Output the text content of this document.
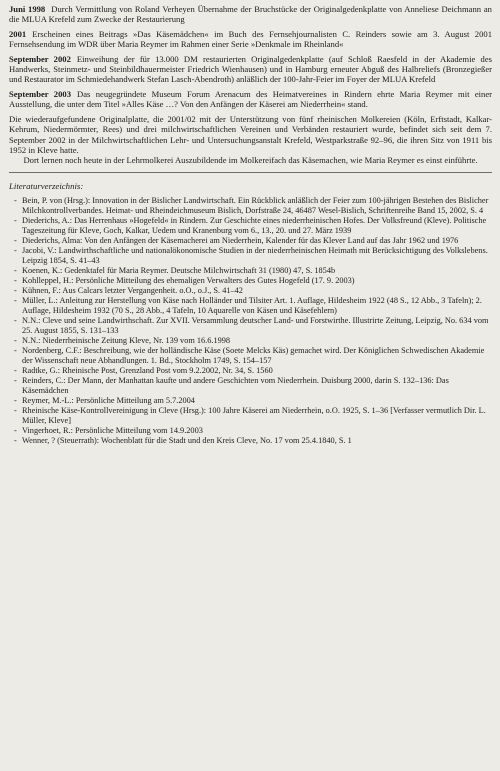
Juni 1998 Durch Vermittlung von Roland Verheyen Übernahme der Bruchstücke der Originalgedenkplatte von Anneliese Deichmann an die MLUA Krefeld zum Zwecke der Restaurierung

2001 Erscheinen eines Beitrags »Das Käsemädchen« im Buch des Fernsehjournalisten C. Reinders sowie am 3. August 2001 Fernsehsendung im WDR über Maria Reymer im Rahmen einer Serie »Denkmale im Rheinland«

September 2002 Einweihung der für 13.000 DM restaurierten Originalgedenkplatte (auf Schloß Raesfeld in der Akademie des Handwerks, Steinmetz- und Steinbildhauermeister Friedrich Wienhausen) und in Hamburg erneuter Abguß des Halbreliefs (Bronzegießer und Restaurator im Schmiedehandwerk Stefan Lasch-Abendroth) anläßlich der 100-Jahr-Feier im Foyer der MLUA Krefeld

September 2003 Das neugegründete Museum Forum Arenacum des Heimatvereines in Rindern ehrte Maria Reymer mit einer Ausstellung, die unter dem Titel »Alles Käse …? Von den Anfängen der Käserei am Niederrhein« stand.

Die wiederaufgefundene Originalplatte, die 2001/02 mit der Unterstützung von fünf rheinischen Molkereien (Köln, Erftstadt, Kalkar-Kehrum, Niedermörmter, Rees) und drei milchwirtschaftlichen Vereinen und Verbänden restauriert wurde, befindet sich seit dem 7. September 2002 in der Milchwirtschaftlichen Lehr- und Untersuchungsanstalt Krefeld, Westparkstraße 92–96, die ihren Sitz von 1911 bis 1952 in Kleve hatte.

Dort lernen noch heute in der Lehrmolkerei Auszubildende im Molkereifach das Käsemachen, wie Maria Reymer es einst einführte.

Literaturverzeichnis:
- Bein, P. von (Hrsg.): Innovation in der Bislicher Landwirtschaft. Ein Rückblick anläßlich der Feier zum 100-jährigen Bestehen des Bislicher Milchkontrollverbandes. Heimat- und Rheindeichmuseum Bislich, Dorfstraße 24, 46487 Wesel-Bislich, Schriftenreihe Band 15, 2002, S. 4
- Diederichs, A.: Das Herrenhaus »Hogefeld« in Rindern. Zur Geschichte eines niederrheinischen Hofes. Der Volksfreund (Kleve). Politische Tageszeitung für Kleve, Goch, Kalkar, Uedem und Kranenburg vom 6., 13., 20. und 27. März 1939
- Diederichs, Alma: Von den Anfängen der Käsemacherei am Niederrhein, Kalender für das Klever Land auf das Jahr 1962 und 1976
- Jacobi, V.: Landwirthschaftliche und nationalökonomische Studien in der niederrheinischen Heimath mit Berücksichtigung des Volkslebens. Leipzig 1854, S. 41–43
- Koenen, K.: Gedenktafel für Maria Reymer. Deutsche Milchwirtschaft 31 (1980) 47, S. 1854b
- Kohlleppel, H.: Persönliche Mitteilung des ehemaligen Verwalters des Gutes Hogefeld (17. 9. 2003)
- Kühnen, F.: Aus Calcars letzter Vergangenheit. o.O., o.J., S. 41–42
- Müller, L.: Anleitung zur Herstellung von Käse nach Holländer und Tilsiter Art. 1. Auflage, Hildesheim 1922 (48 S., 12 Abb., 3 Tafeln); 2. Auflage, Hildesheim 1932 (70 S., 28 Abb., 4 Tafeln, 10 Aquarelle von Käsen und Käsefehlern)
- N.N.: Cleve und seine Landwirthschaft. Zur XVII. Versammlung deutscher Land- und Forstwirthe. Illustrirte Zeitung, Leipzig, No. 634 vom 25. August 1855, S. 131–133
- N.N.: Niederrheinische Zeitung Kleve, Nr. 139 vom 16.6.1998
- Nordenberg, C.F.: Beschreibung, wie der holländische Käse (Soete Melcks Käs) gemachet wird. Der Königlichen Schwedischen Akademie der Wissenschaft neue Abhandlungen. 1. Bd., Stockholm 1749, S. 154–157
- Radtke, G.: Rheinische Post, Grenzland Post vom 9.2.2002, Nr. 34, S. 1560
- Reinders, C.: Der Mann, der Manhattan kaufte und andere Geschichten vom Niederrhein. Duisburg 2000, darin S. 132–136: Das Käsemädchen
- Reymer, M.-L.: Persönliche Mitteilung am 5.7.2004
- Rheinische Käse-Kontrollvereinigung in Cleve (Hrsg.): 100 Jahre Käserei am Niederrhein, o.O. 1925, S. 1–36 [Verfasser vermutlich Dir. L. Müller, Kleve]
- Vingerhoet, R.: Persönliche Mitteilung vom 14.9.2003
- Wenner, ? (Steuerrath): Wochenblatt für die Stadt und den Kreis Cleve, No. 17 vom 25.4.1840, S. 1
